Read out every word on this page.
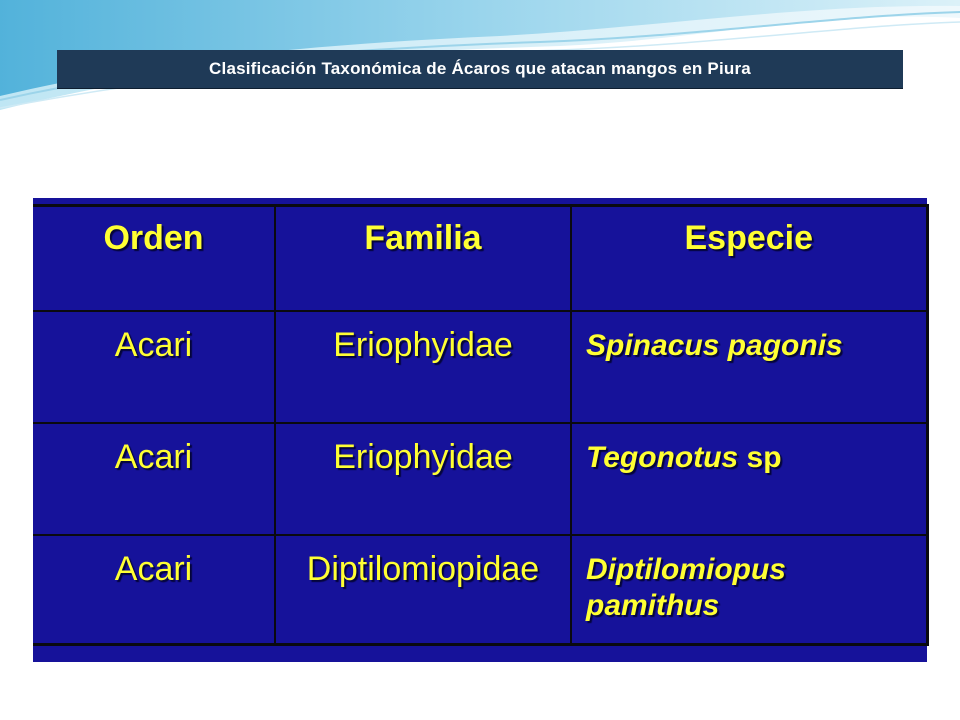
Clasificación Taxonómica de Ácaros que atacan mangos en Piura
Orden	Familia	Especie
Acari	Eriophyidae	Spinacus pagonis
Acari	Eriophyidae	Tegonotus sp
Acari	Diptilomiopidae	Diptilomiopus pamithus
